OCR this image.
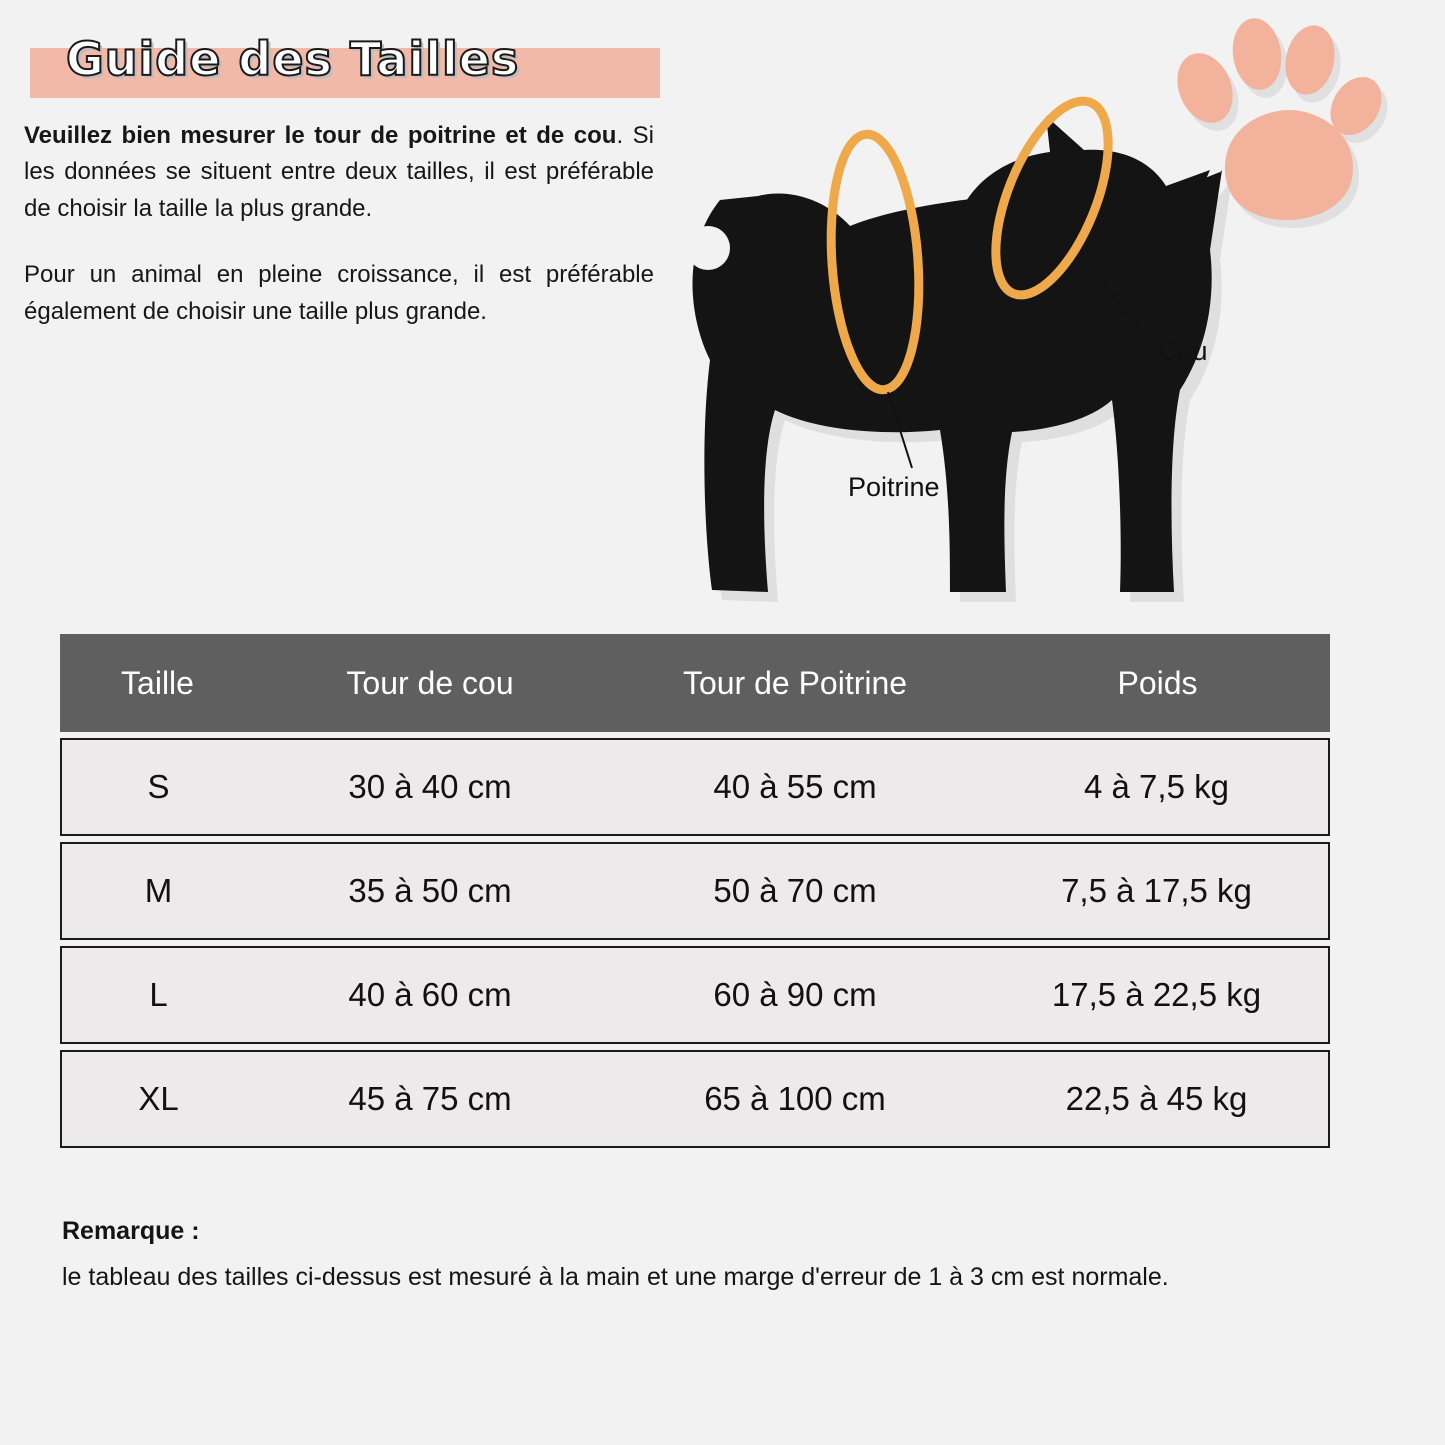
Guide des Tailles

Veuillez bien mesurer le tour de poitrine et de cou. Si les données se situent entre deux tailles, il est préférable de choisir la taille la plus grande.

Pour un animal en pleine croissance, il est préférable également de choisir une taille plus grande.

Cou
Poitrine
Taille	Tour de cou	Tour de Poitrine	Poids
S	30 à 40 cm	40 à 55 cm	4 à 7,5 kg
M	35 à 50 cm	50 à 70 cm	7,5 à 17,5 kg
L	40 à 60 cm	60 à 90 cm	17,5 à 22,5 kg
XL	45 à 75 cm	65 à 100 cm	22,5 à 45 kg
Remarque :
le tableau des tailles ci-dessus est mesuré à la main et une marge d'erreur de 1 à 3 cm est normale.
